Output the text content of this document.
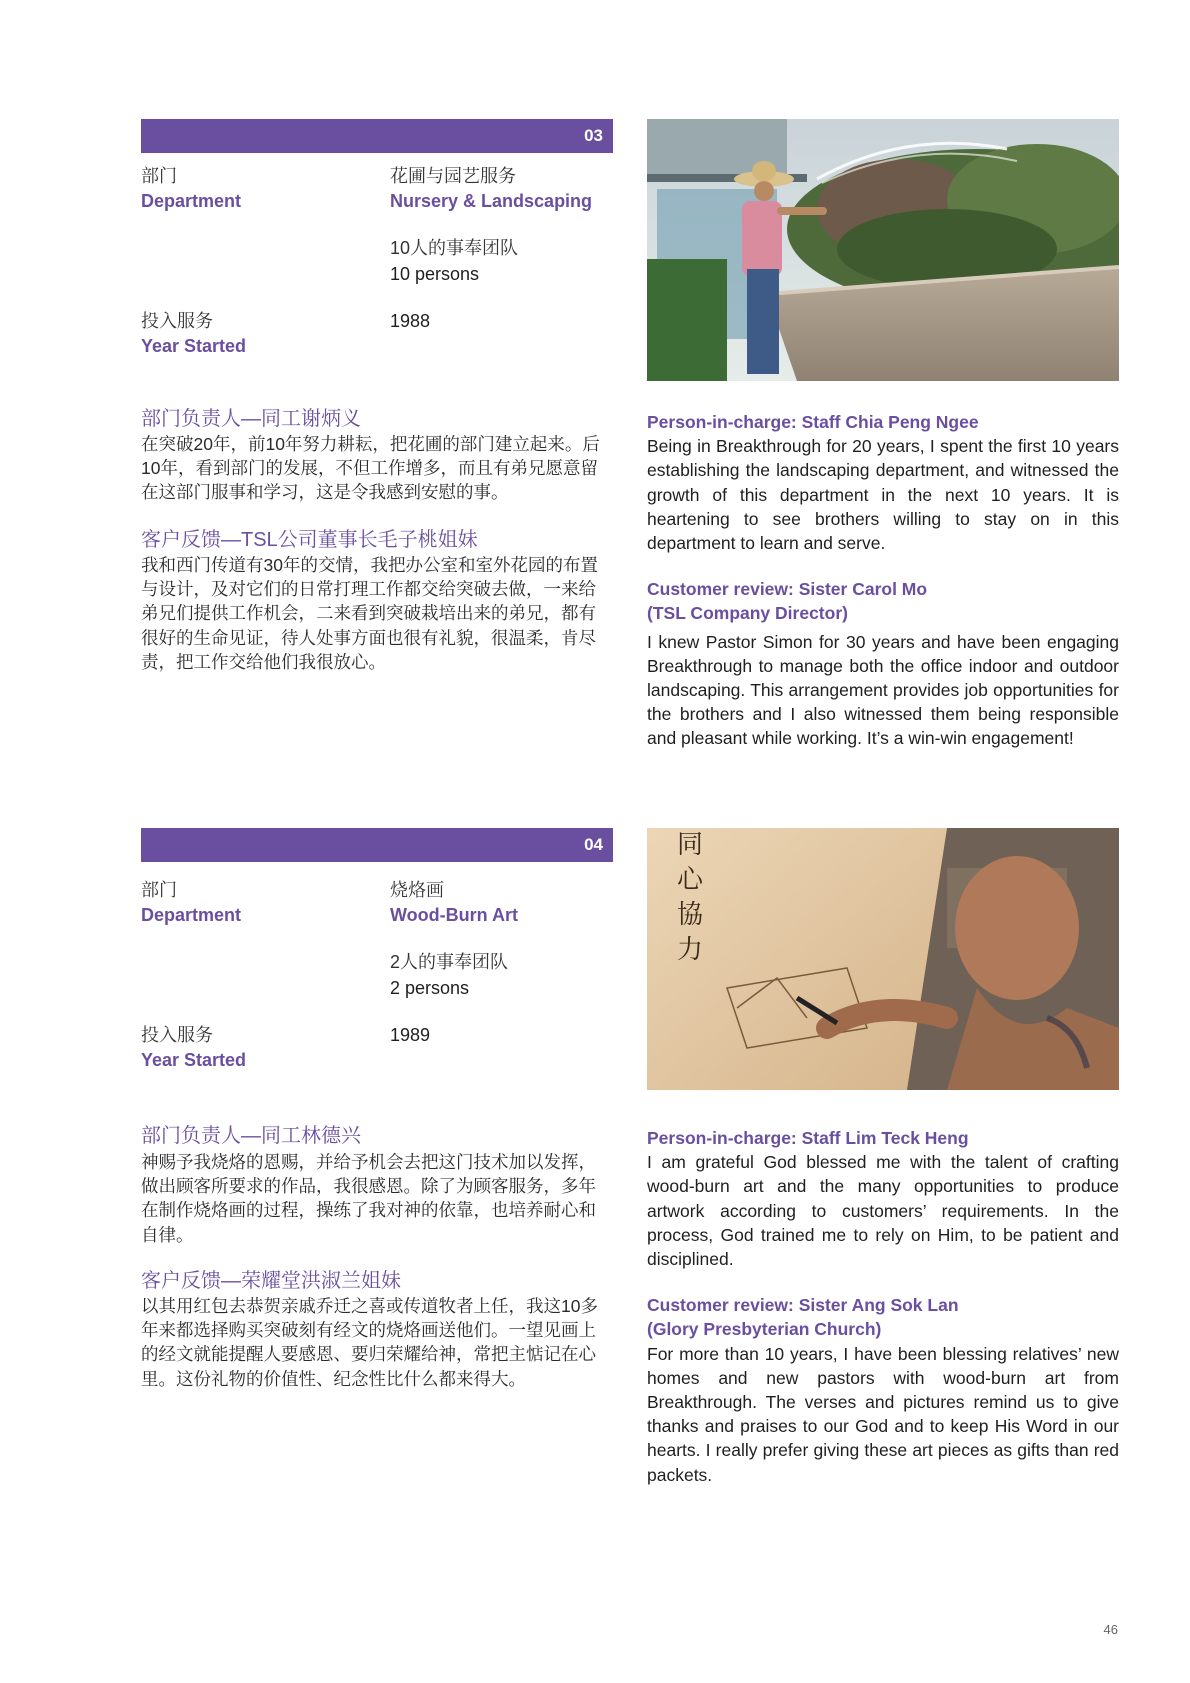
03
部门
Department
花圃与园艺服务
Nursery & Landscaping
10人的事奉团队
10 persons
投入服务
Year Started
1988
部门负责人—同工谢炳义
在突破20年，前10年努力耕耘，把花圃的部门建立起来。后10年，看到部门的发展，不但工作增多，而且有弟兄愿意留在这部门服事和学习，这是令我感到安慰的事。
客户反馈—TSL公司董事长毛子桃姐妹
我和西门传道有30年的交情，我把办公室和室外花园的布置与设计，及对它们的日常打理工作都交给突破去做，一来给弟兄们提供工作机会，二来看到突破栽培出来的弟兄，都有很好的生命见证，待人处事方面也很有礼貌，很温柔，肯尽责，把工作交给他们我很放心。

Person-in-charge: Staff Chia Peng Ngee

Being in Breakthrough for 20 years, I spent the first 10 years establishing the landscaping department, and witnessed the growth of this department in the next 10 years. It is heartening to see brothers willing to stay on in this department to learn and serve.

Customer review: Sister Carol Mo

(TSL Company Director)

I knew Pastor Simon for 30 years and have been engaging Breakthrough to manage both the office indoor and outdoor landscaping. This arrangement provides job opportunities for the brothers and I also witnessed them being responsible and pleasant while working. It’s a win-win engagement!

04
部门
Department
烧烙画
Wood-Burn Art
2人的事奉团队
2 persons
投入服务
Year Started
1989
同
心
協
力
部门负责人—同工林德兴
神赐予我烧烙的恩赐，并给予机会去把这门技术加以发挥，做出顾客所要求的作品，我很感恩。除了为顾客服务，多年在制作烧烙画的过程，操练了我对神的依靠，也培养耐心和自律。
客户反馈—荣耀堂洪淑兰姐妹
以其用红包去恭贺亲戚乔迁之喜或传道牧者上任，我这10多年来都选择购买突破刻有经文的烧烙画送他们。一望见画上的经文就能提醒人要感恩、要归荣耀给神，常把主惦记在心里。这份礼物的价值性、纪念性比什么都来得大。

Person-in-charge: Staff Lim Teck Heng

I am grateful God blessed me with the talent of crafting wood-burn art and the many opportunities to produce artwork according to customers’ requirements. In the process, God trained me to rely on Him, to be patient and disciplined.

Customer review: Sister Ang Sok Lan

(Glory Presbyterian Church)

For more than 10 years, I have been blessing relatives’ new homes and new pastors with wood-burn art from Breakthrough. The verses and pictures remind us to give thanks and praises to our God and to keep His Word in our hearts. I really prefer giving these art pieces as gifts than red packets.

46
